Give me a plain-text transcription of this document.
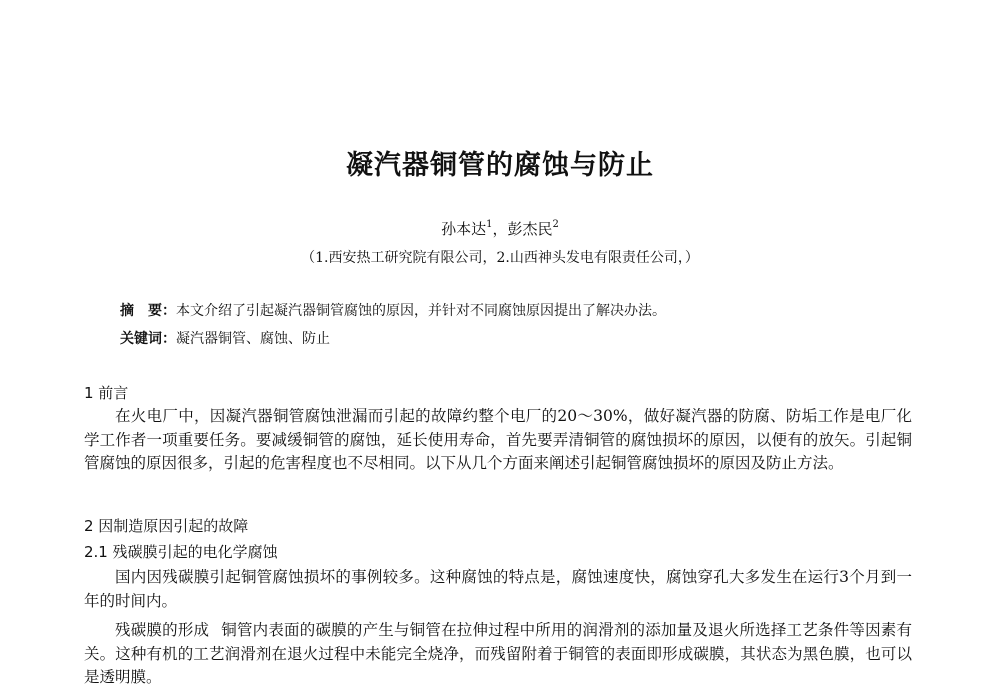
凝汽器铜管的腐蚀与防止
孙本达$^1$，彭杰民$^2$
（1.西安热工研究院有限公司，2.山西神头发电有限责任公司，）
摘　要：本文介绍了引起凝汽器铜管腐蚀的原因，并针对不同腐蚀原因提出了解决办法。
关键词：凝汽器铜管、腐蚀、防止
1 前言

在火电厂中，因凝汽器铜管腐蚀泄漏而引起的故障约整个电厂的20～30%，做好凝汽器的防腐、防垢工作是电厂化学工作者一项重要任务。要减缓铜管的腐蚀，延长使用寿命，首先要弄清铜管的腐蚀损坏的原因，以便有的放矢。引起铜管腐蚀的原因很多，引起的危害程度也不尽相同。以下从几个方面来阐述引起铜管腐蚀损坏的原因及防止方法。

2 因制造原因引起的故障
2.1 残碳膜引起的电化学腐蚀

国内因残碳膜引起铜管腐蚀损坏的事例较多。这种腐蚀的特点是，腐蚀速度快，腐蚀穿孔大多发生在运行3个月到一年的时间内。

残碳膜的形成 铜管内表面的碳膜的产生与铜管在拉伸过程中所用的润滑剂的添加量及退火所选择工艺条件等因素有关。这种有机的工艺润滑剂在退火过程中未能完全烧净，而残留附着于铜管的表面即形成碳膜，其状态为黑色膜，也可以是透明膜。
